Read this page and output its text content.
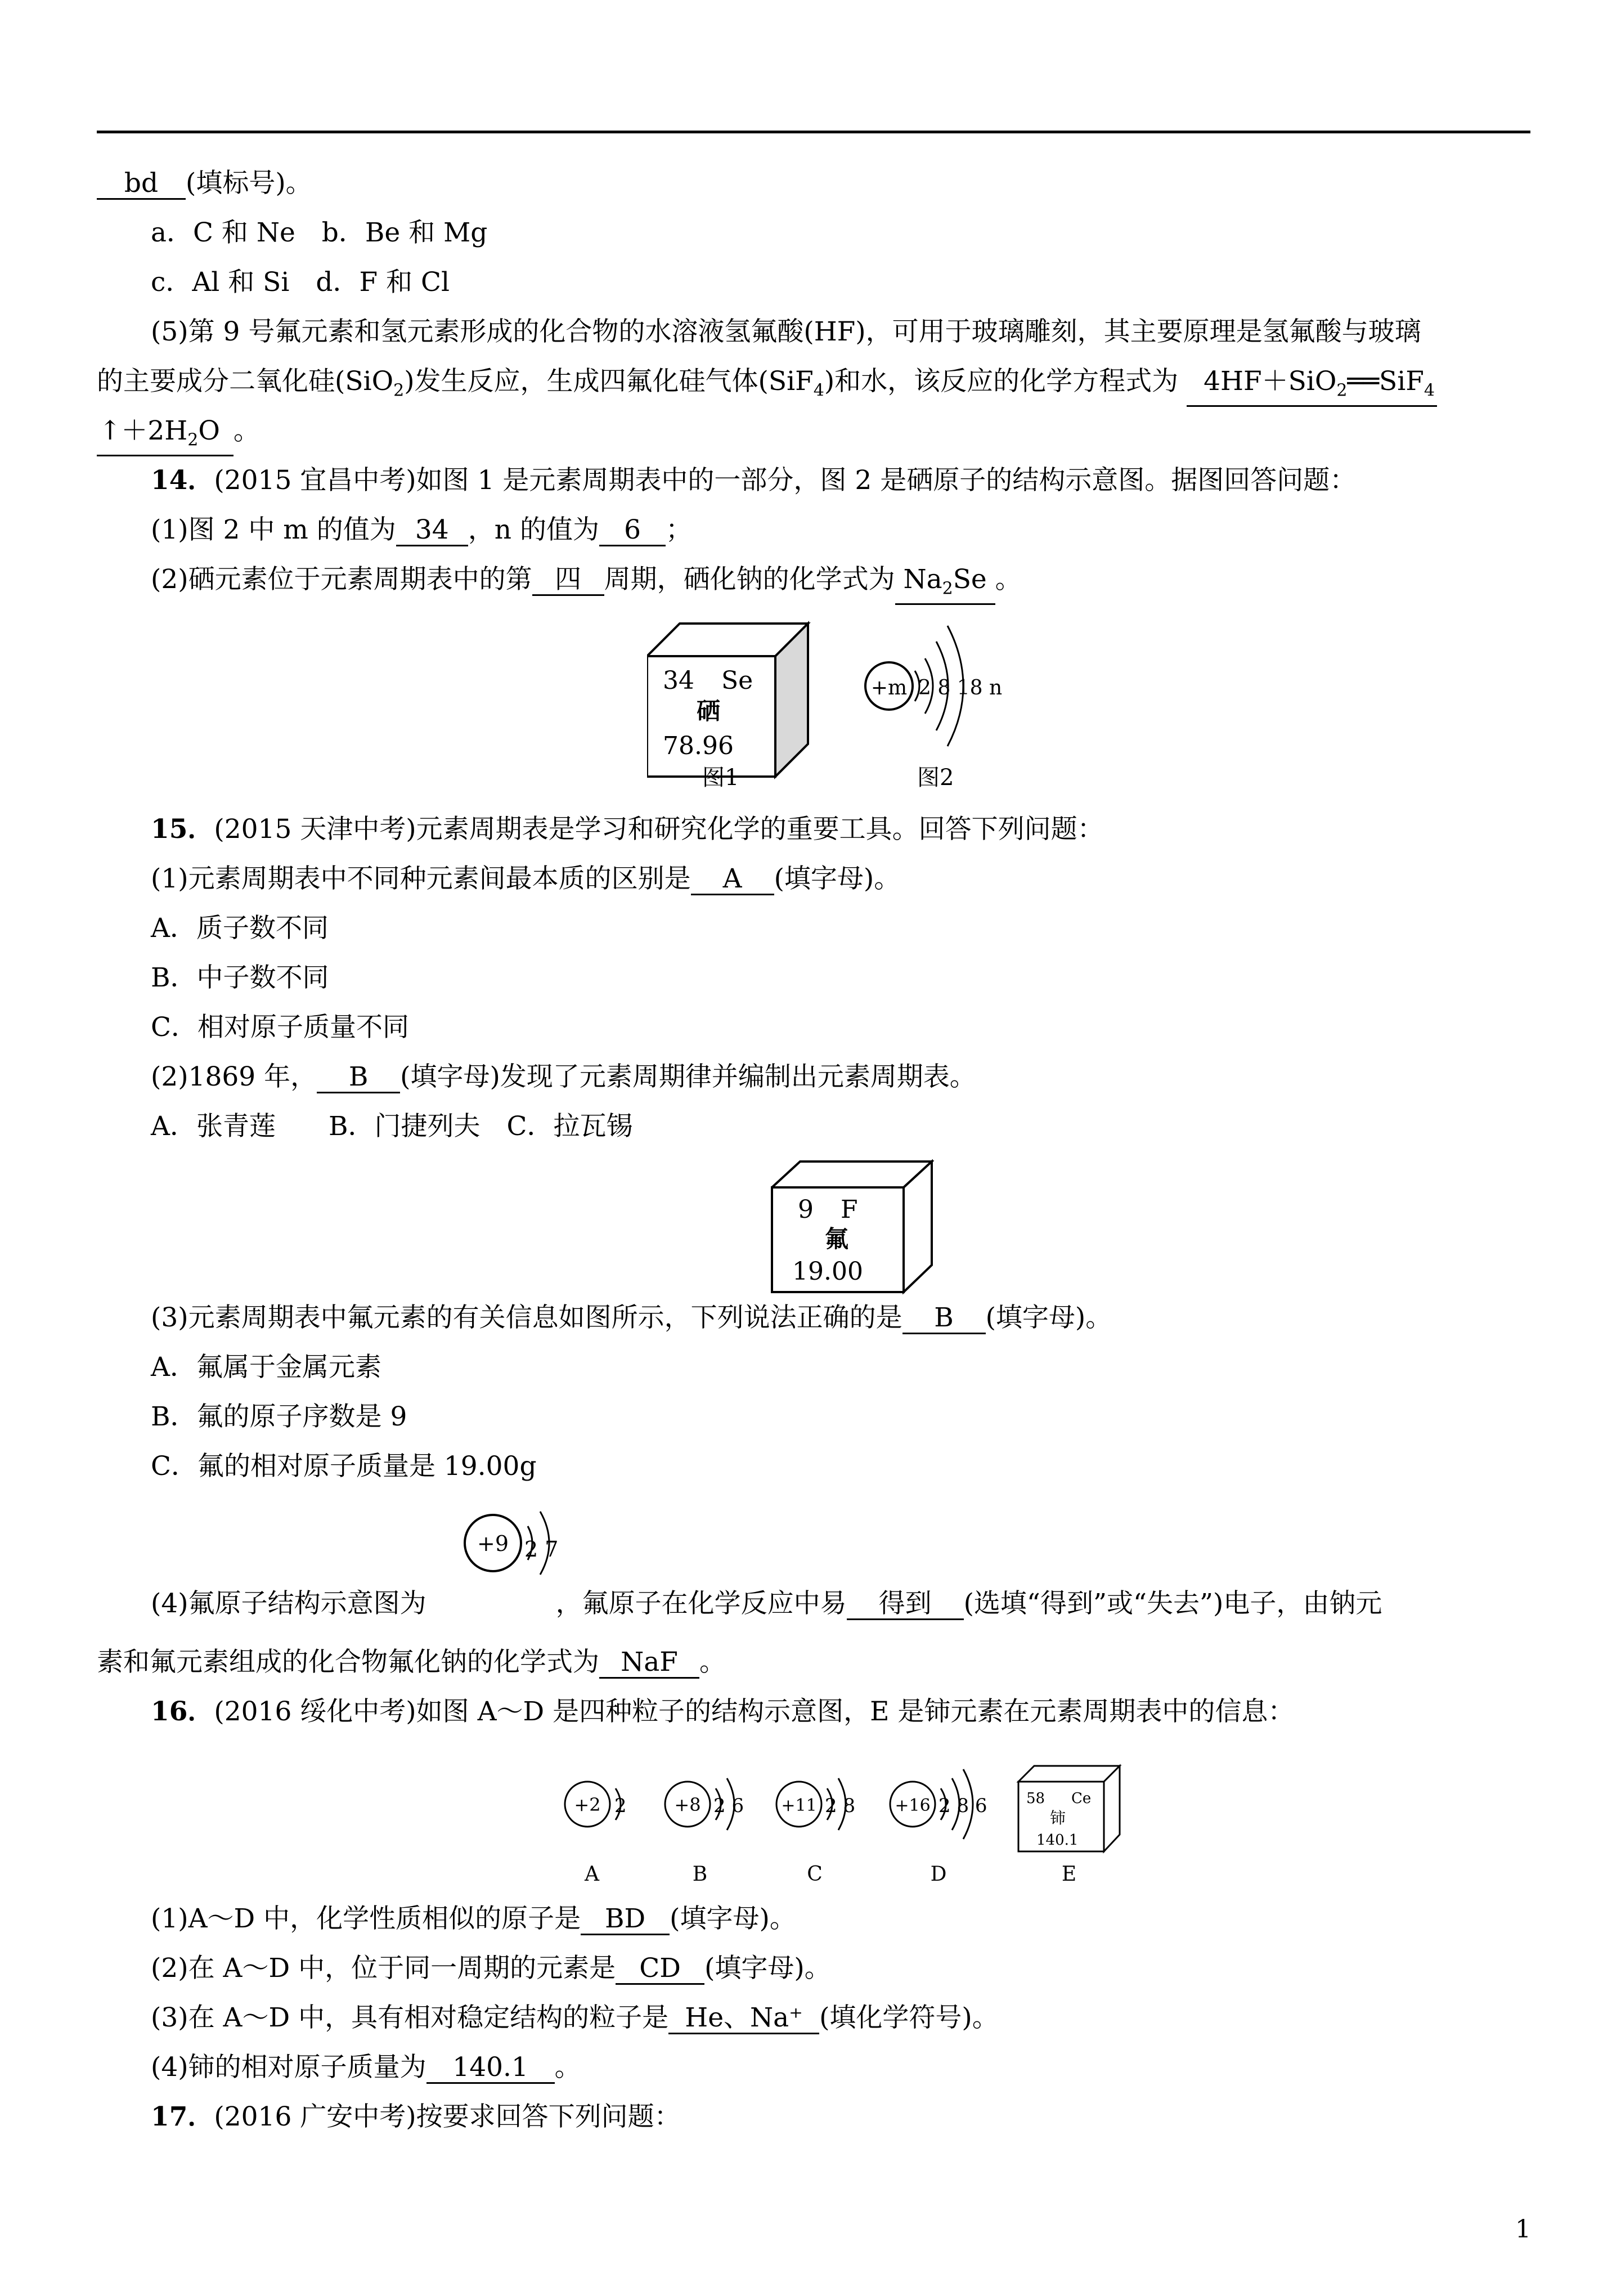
bd (填标号)。
a．C 和 Ne　b．Be 和 Mg
c．Al 和 Si　d．F 和 Cl
(5)第 9 号氟元素和氢元素形成的化合物的水溶液氢氟酸(HF)，可用于玻璃雕刻，其主要原理是氢氟酸与玻璃
的主要成分二氧化硅(SiO$_2$)发生反应，生成四氟化硅气体(SiF$_4$)和水，该反应的化学方程式为 4HF＋SiO$_2$══SiF$_4$
$↑+2H_2O$ 。
14．(2015 宜昌中考)如图 1 是元素周期表中的一部分，图 2 是硒原子的结构示意图。据图回答问题：
(1)图 2 中 m 的值为 34 ，n 的值为 6 ；
(2)硒元素位于元素周期表中的第 四 周期，硒化钠的化学式为 $Na_2Se$ 。
34 Se
硒
78.96
+m 2 8 18 n
图1	图2
15．(2015 天津中考)元素周期表是学习和研究化学的重要工具。回答下列问题：
(1)元素周期表中不同种元素间最本质的区别是 A (填字母)。
A．质子数不同
B．中子数不同
C．相对原子质量不同
(2)1869 年， B (填字母)发现了元素周期律并编制出元素周期表。
A．张青莲　　B．门捷列夫　C．拉瓦锡
9 F
氟
19.00
(3)元素周期表中氟元素的有关信息如图所示，下列说法正确的是 B (填字母)。
A．氟属于金属元素
B．氟的原子序数是 9
C．氟的相对原子质量是 19.00g
+9 2 7
(4)氟原子结构示意图为	，氟原子在化学反应中易 得到 (选填“得到”或“失去”)电子，由钠元
素和氟元素组成的化合物氟化钠的化学式为 NaF 。
16．(2016 绥化中考)如图 A～D 是四种粒子的结构示意图，E 是铈元素在元素周期表中的信息：
+2 2	+8 2 6 +11 2 8 +16 2 8 6	58 Ce
铈
140.1
A	B	C	D	E
(1)A～D 中，化学性质相似的原子是 BD (填字母)。
(2)在 A～D 中，位于同一周期的元素是 CD (填字母)。
(3)在 A～D 中，具有相对稳定结构的粒子是 He、Na⁺ (填化学符号)。
(4)铈的相对原子质量为 140.1 。
17．(2016 广安中考)按要求回答下列问题：
1
